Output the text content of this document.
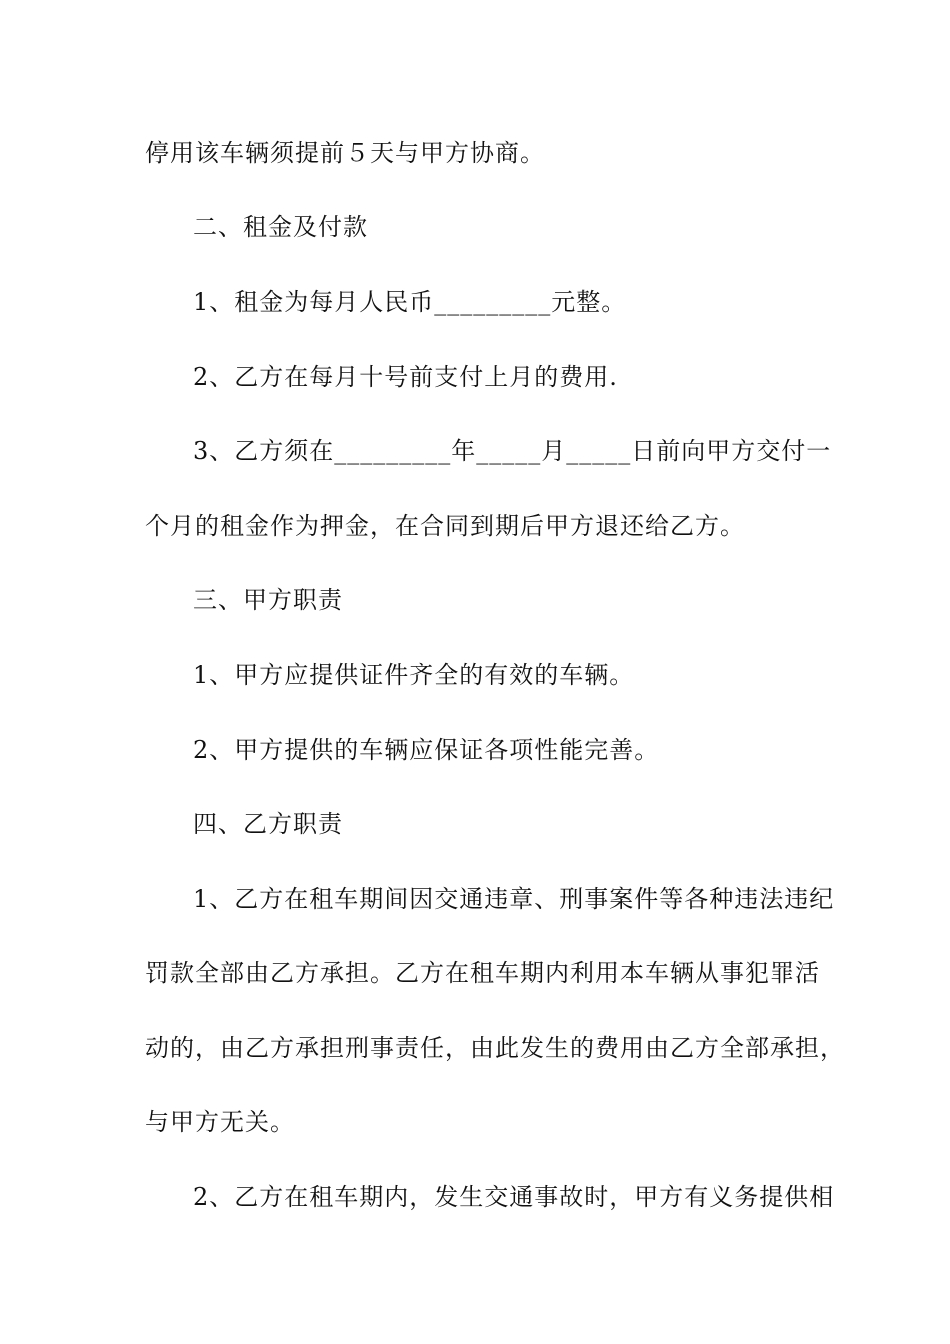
停用该车辆须提前５天与甲方协商。
二、租金及付款
1、租金为每月人民币_________元整。
2、乙方在每月十号前支付上月的费用.
3、乙方须在_________年_____月_____日前向甲方交付一
个月的租金作为押金，在合同到期后甲方退还给乙方。
三、甲方职责
1、甲方应提供证件齐全的有效的车辆。
2、甲方提供的车辆应保证各项性能完善。
四、乙方职责
1、乙方在租车期间因交通违章、刑事案件等各种违法违纪
罚款全部由乙方承担。乙方在租车期内利用本车辆从事犯罪活
动的，由乙方承担刑事责任，由此发生的费用由乙方全部承担，
与甲方无关。
2、乙方在租车期内，发生交通事故时，甲方有义务提供相
